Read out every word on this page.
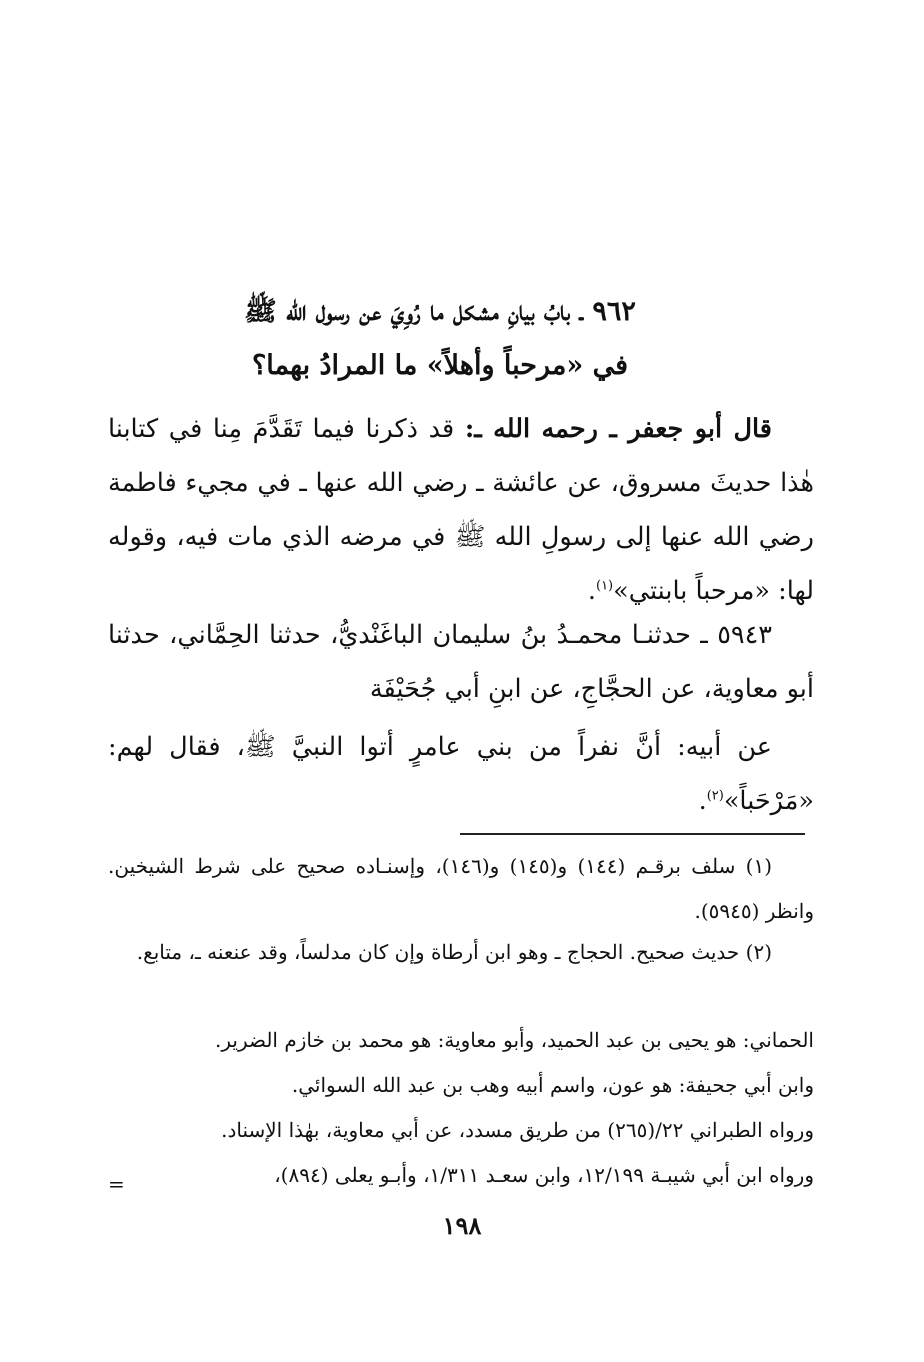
٩٦٢ ـ بابُ بيانِ مشكل ما رُوِيَ عن رسول الله ﷺ
في «مرحباً وأهلاً» ما المرادُ بهما؟
قال أبو جعفر ـ رحمه الله ـ: قد ذكرنا فيما تَقَدَّمَ مِنا في كتابنا هٰذا حديثَ مسروق، عن عائشة ـ رضي الله عنها ـ في مجيء فاطمة رضي الله عنها إلى رسولِ الله ﷺ في مرضه الذي مات فيه، وقوله لها: «مرحباً بابنتي»$^{(١)}$.
٥٩٤٣ ـ حدثنـا محمـدُ بنُ سليمان الباغَنْديُّ، حدثنا الحِمَّاني، حدثنا أبو معاوية، عن الحجَّاجِ، عن ابنِ أبي جُحَيْفَة
عن أبيه: أنَّ نفراً من بني عامرٍ أتوا النبيَّ ﷺ، فقال لهم: «مَرْحَباً»$^{(٢)}$.
(١) سلف برقـم (١٤٤) و(١٤٥) و(١٤٦)، وإسنـاده صحيح على شرط الشيخين. وانظر (٥٩٤٥).
(٢) حديث صحيح. الحجاج ـ وهو ابن أرطاة وإن كان مدلساً، وقد عنعنه ـ، متابع.
الحماني: هو يحيى بن عبد الحميد، وأبو معاوية: هو محمد بن خازم الضرير.
وابن أبي جحيفة: هو عون، واسم أبيه وهب بن عبد الله السوائي.
ورواه الطبراني ٢٢/(٢٦٥) من طريق مسدد، عن أبي معاوية، بهٰذا الإسناد.
ورواه ابن أبي شيبـة ١٢/١٩٩، وابن سعـد ١/٣١١، وأبـو يعلى (٨٩٤)،
=
١٩٨
